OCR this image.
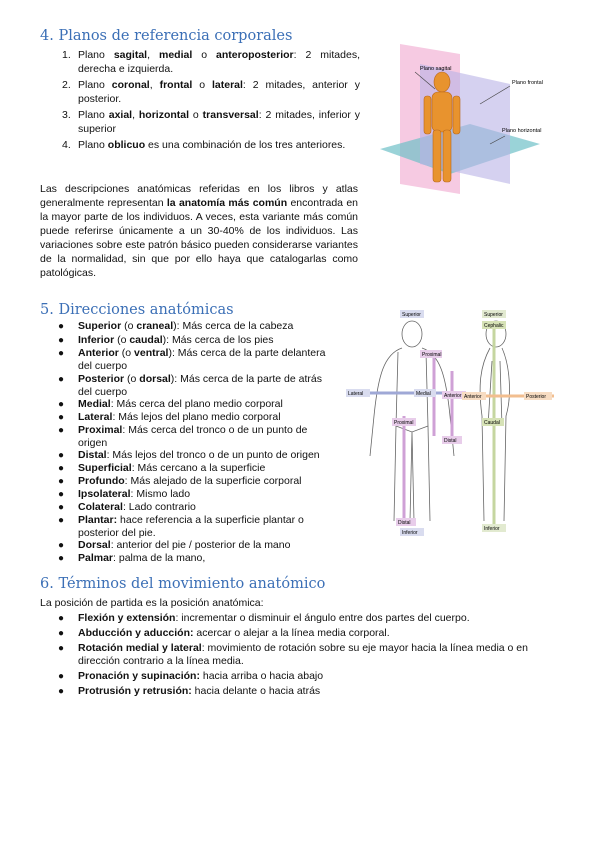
4. Planos de referencia corporales
1. Plano sagital, medial o anteroposterior: 2 mitades, derecha e izquierda.
2. Plano coronal, frontal o lateral: 2 mitades, anterior y posterior.
3. Plano axial, horizontal o transversal: 2 mitades, inferior y superior
4. Plano oblicuo es una combinación de los tres anteriores.
Las descripciones anatómicas referidas en los libros y atlas generalmente representan la anatomía más común encontrada en la mayor parte de los individuos. A veces, esta variante más común puede referirse únicamente a un 30-40% de los individuos. Las variaciones sobre este patrón básico pueden considerarse variantes de la normalidad, sin que por ello haya que catalogarlas como patológicas.
Plano sagital
Plano frontal
Plano horizontal
5. Direcciones anatómicas
● Superior (o craneal): Más cerca de la cabeza
● Inferior (o caudal): Más cerca de los pies
● Anterior (o ventral): Más cerca de la parte delantera del cuerpo
● Posterior (o dorsal): Más cerca de la parte de atrás del cuerpo
● Medial: Más cerca del plano medio corporal
● Lateral: Más lejos del plano medio corporal
● Proximal: Más cerca del tronco o de un punto de origen
● Distal: Más lejos del tronco o de un punto de origen
● Superficial: Más cercano a la superficie
● Profundo: Más alejado de la superficie corporal
● Ipsolateral: Mismo lado
● Colateral: Lado contrario
● Plantar: hace referencia a la superficie plantar o posterior del pie.
● Dorsal: anterior del pie / posterior de la mano
● Palmar: palma de la mano,
Superior
Proximal
Lateral	Medial	Anterior
Proximal
Distal
Distal
Inferior
Superior
Cephalic
Anterior	Posterior
Caudal
Inferior
6. Términos del movimiento anatómico
La posición de partida es la posición anatómica:
● Flexión y extensión: incrementar o disminuir el ángulo entre dos partes del cuerpo.
● Abducción y aducción: acercar o alejar a la línea media corporal.
● Rotación medial y lateral: movimiento de rotación sobre su eje mayor hacia la línea media o en dirección contrario a la línea media.
● Pronación y supinación: hacia arriba o hacia abajo
● Protrusión y retrusión: hacia delante o hacia atrás
